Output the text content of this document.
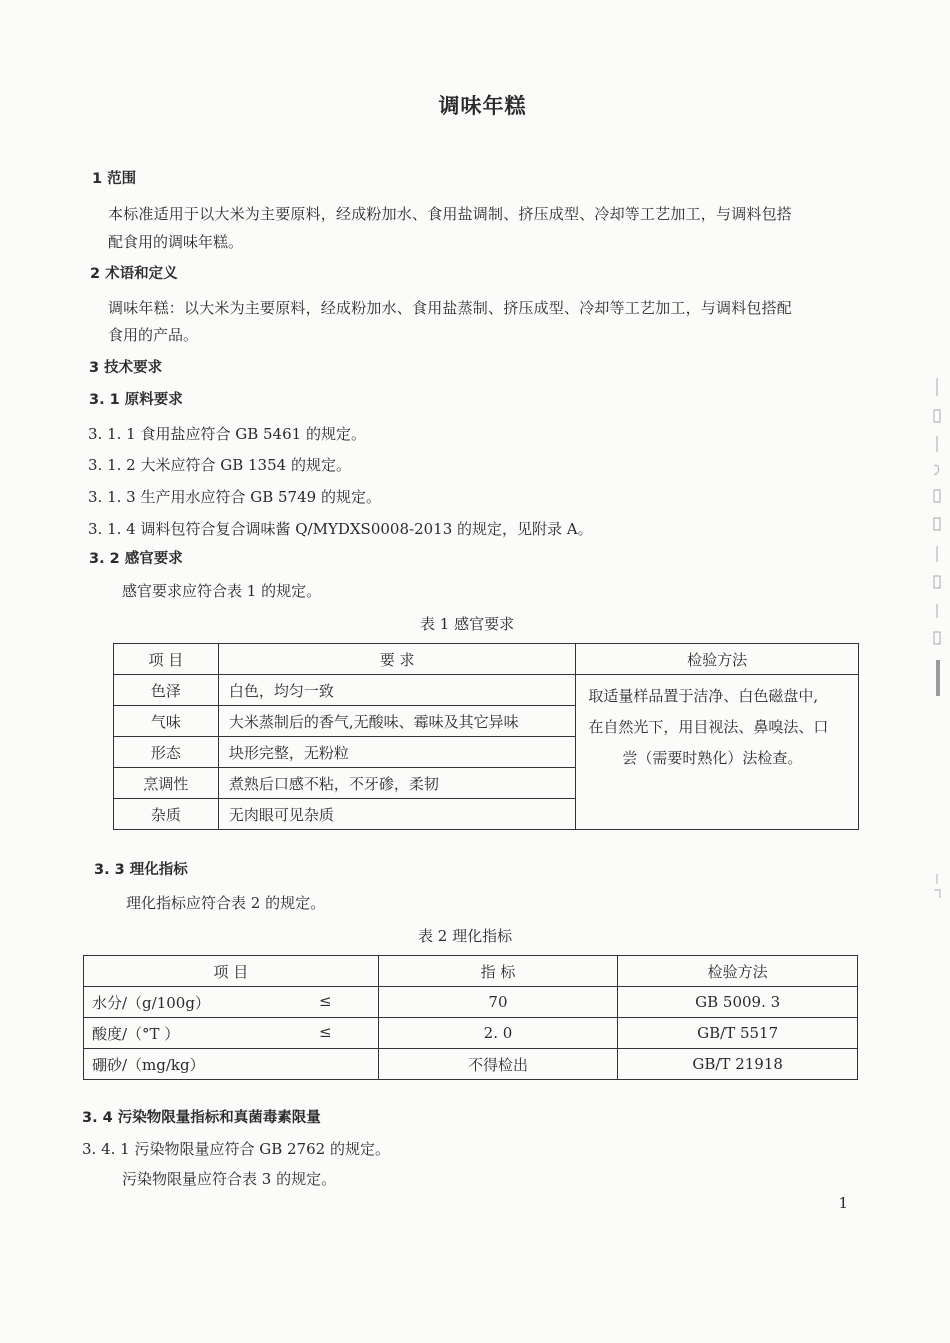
调味年糕
1 范围
本标准适用于以大米为主要原料，经成粉加水、食用盐调制、挤压成型、冷却等工艺加工，与调料包搭
配食用的调味年糕。
2 术语和定义
调味年糕：以大米为主要原料，经成粉加水、食用盐蒸制、挤压成型、冷却等工艺加工，与调料包搭配
食用的产品。
3 技术要求
3. 1 原料要求
3. 1. 1 食用盐应符合 GB 5461 的规定。
3. 1. 2 大米应符合 GB 1354 的规定。
3. 1. 3 生产用水应符合 GB 5749 的规定。
3. 1. 4 调料包符合复合调味酱 Q/MYDXS0008-2013 的规定，见附录 A。
3. 2 感官要求
感官要求应符合表 1 的规定。
表 1 感官要求
项 目	要 求	检验方法
色泽	白色，均匀一致	取适量样品置于洁净、白色磁盘中,
在自然光下，用目视法、鼻嗅法、口
尝（需要时熟化）法检查。

气味	大米蒸制后的香气,无酸味、霉味及其它异味	
形态	块形完整，无粉粒	
烹调性	煮熟后口感不粘，不牙碜，柔韧	
杂质	无肉眼可见杂质	
3. 3 理化指标
理化指标应符合表 2 的规定。
表 2 理化指标
项 目	指 标	检验方法
水分/（g/100g） ≤	70	GB 5009. 3
酸度/（°T ） ≤	2. 0	GB/T 5517
硼砂/（mg/kg）	不得检出	GB/T 21918
3. 4 污染物限量指标和真菌毒素限量
3. 4. 1 污染物限量应符合 GB 2762 的规定。
污染物限量应符合表 3 的规定。
1
